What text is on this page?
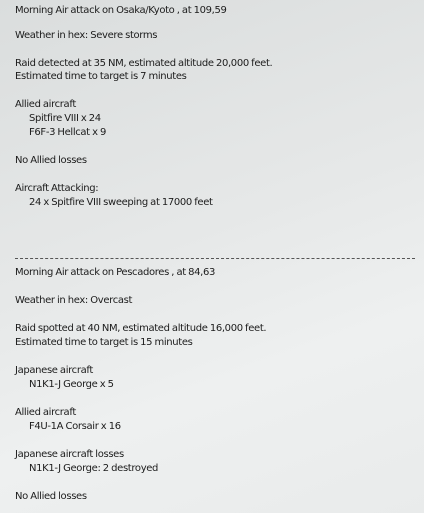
Morning Air attack on Osaka/Kyoto , at 109,59
Weather in hex: Severe storms
Raid detected at 35 NM, estimated altitude 20,000 feet.
Estimated time to target is 7 minutes
Allied aircraft
Spitfire VIII x 24
F6F-3 Hellcat x 9
No Allied losses
Aircraft Attacking:
24 x Spitfire VIII sweeping at 17000 feet
Morning Air attack on Pescadores , at 84,63
Weather in hex: Overcast
Raid spotted at 40 NM, estimated altitude 16,000 feet.
Estimated time to target is 15 minutes
Japanese aircraft
N1K1-J George x 5
Allied aircraft
F4U-1A Corsair x 16
Japanese aircraft losses
N1K1-J George: 2 destroyed
No Allied losses
